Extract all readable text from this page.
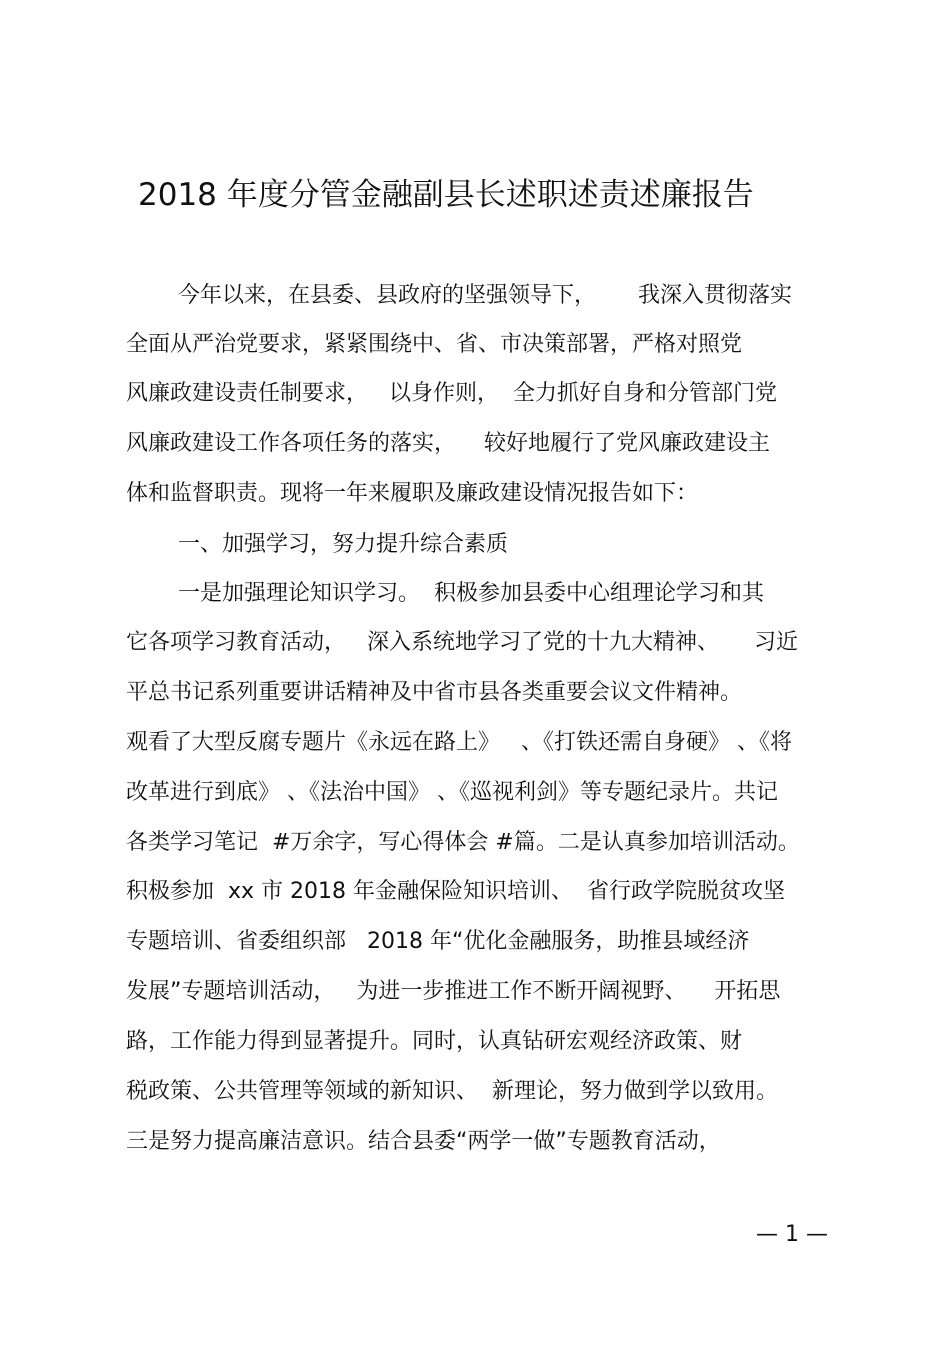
2018 年度分管金融副县长述职述责述廉报告
今年以来，在县委、县政府的坚强领导下，      我深入贯彻落实
全面从严治党要求，紧紧围绕中、省、市决策部署，严格对照党
风廉政建设责任制要求，   以身作则，  全力抓好自身和分管部门党
风廉政建设工作各项任务的落实，    较好地履行了党风廉政建设主
体和监督职责。现将一年来履职及廉政建设情况报告如下：
一、加强学习，努力提升综合素质
一是加强理论知识学习。  积极参加县委中心组理论学习和其
它各项学习教育活动，   深入系统地学习了党的十九大精神、     习近
平总书记系列重要讲话精神及中省市县各类重要会议文件精神。
观看了大型反腐专题片《永远在路上》   、《打铁还需自身硬》 、《将
改革进行到底》 、《法治中国》 、《巡视利剑》等专题纪录片。共记
各类学习笔记  #万余字，写心得体会 #篇。二是认真参加培训活动。
积极参加  xx 市 2018 年金融保险知识培训、  省行政学院脱贫攻坚
专题培训、省委组织部   2018 年“优化金融服务，助推县域经济
发展”专题培训活动，   为进一步推进工作不断开阔视野、    开拓思
路，工作能力得到显著提升。同时，认真钻研宏观经济政策、财
税政策、公共管理等领域的新知识、  新理论，努力做到学以致用。
三是努力提高廉洁意识。结合县委“两学一做”专题教育活动，
— 1 —
